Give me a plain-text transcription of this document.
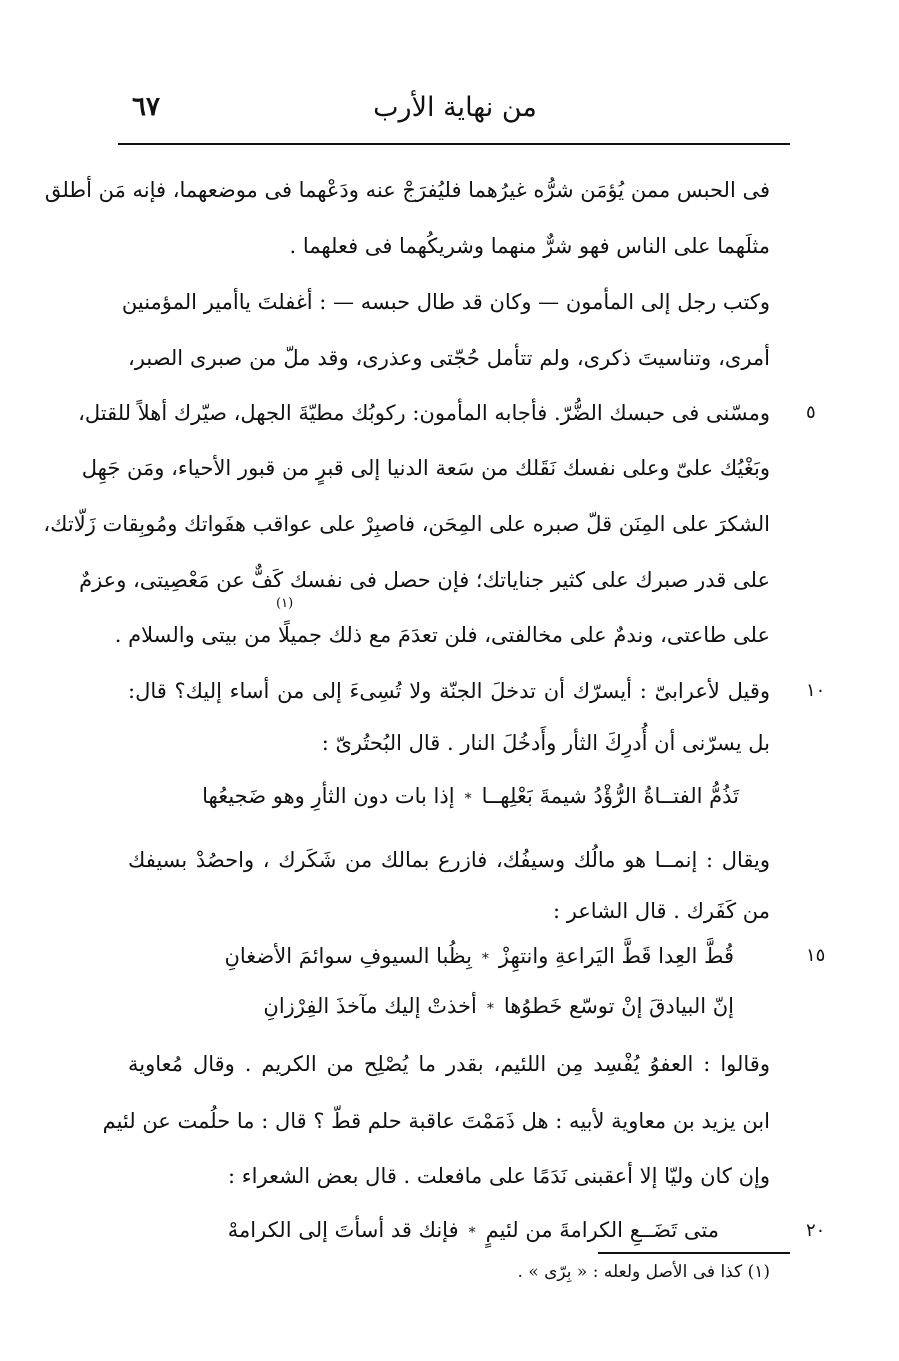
٦٧	من نهاية الأرب
فى الحبس ممن يُؤمَن شرُّه غيرُهما فليُفرَجْ عنه ودَعْهما فى موضعهما، فإنه مَن أطلق
مثلَهما على الناس فهو شرٌّ منهما وشريكُهما فى فعلهما .
وكتب رجل إلى المأمون — وكان قد طال حبسه — : أغفلتَ ياأمير المؤمنين
أمرى، وتناسيتَ ذكرى، ولم تتأمل حُجّتى وعذرى، وقد ملّ من صبرى الصبر،
ومسّنى فى حبسك الضُّرّ. فأجابه المأمون: ركوبُك مطيّةَ الجهل، صيّرك أهلاً للقتل،
وبَغْيُك علىّ وعلى نفسك نَقَلك من سَعة الدنيا إلى قبرٍ من قبور الأحياء، ومَن جَهِل
الشكرَ على المِنَن قلّ صبره على المِحَن، فاصبِرْ على عواقب هفَواتك ومُوبِقات زَلّاتك،
على قدر صبرك على كثير جناياتك؛ فإن حصل فى نفسك كَفٌّ عن مَعْصِيتى، وعزمٌ
على طاعتى، وندمٌ على مخالفتى، فلن تعدَمَ مع ذلك جميلًا من بيتى والسلام .
(١)
وقيل لأعرابىّ : أيسرّك أن تدخلَ الجنّة ولا تُسِىءَ إلى من أساء إليك؟ قال:
بل يسرّنى أن أُدرِكَ الثأر وأَدخُلَ النار . قال البُحتُرىّ :
تَذُمُّ الفتــاةُ الرُّؤْدُ شيمةَ بَعْلِهــا*إذا بات دون الثأرِ وهو ضَجيعُها
ويقال : إنمــا هو مالُك وسيفُك، فازرع بمالك من شَكَرك ، واحصُدْ بسيفك
من كَفَرك . قال الشاعر :
قُطَّ العِدا قَطَّ اليَراعةِ وانتهِزْ*بِظُبا السيوفِ سوائمَ الأضغانِ
إنّ البيادقَ إنْ توسّع خَطوُها*أخذتْ إليك مآخذَ الفِرْزانِ
وقالوا : العفوُ يُفْسِد مِن اللئيم، بقدر ما يُصْلِح من الكريم . وقال مُعاوية
ابن يزيد بن معاوية لأبيه : هل ذَمَمْتَ عاقبة حلم قطّ ؟ قال : ما حلُمت عن لئيم
وإن كان وليّا إلا أعقبنى نَدَمًا على مافعلت . قال بعض الشعراء :
متى تَضَــعِ الكرامةَ من لئيمٍ*فإنك قد أسأتَ إلى الكرامهْ
٥
١٠
١٥
٢٠
(١) كذا فى الأصل ولعله : « بِرّى » .
